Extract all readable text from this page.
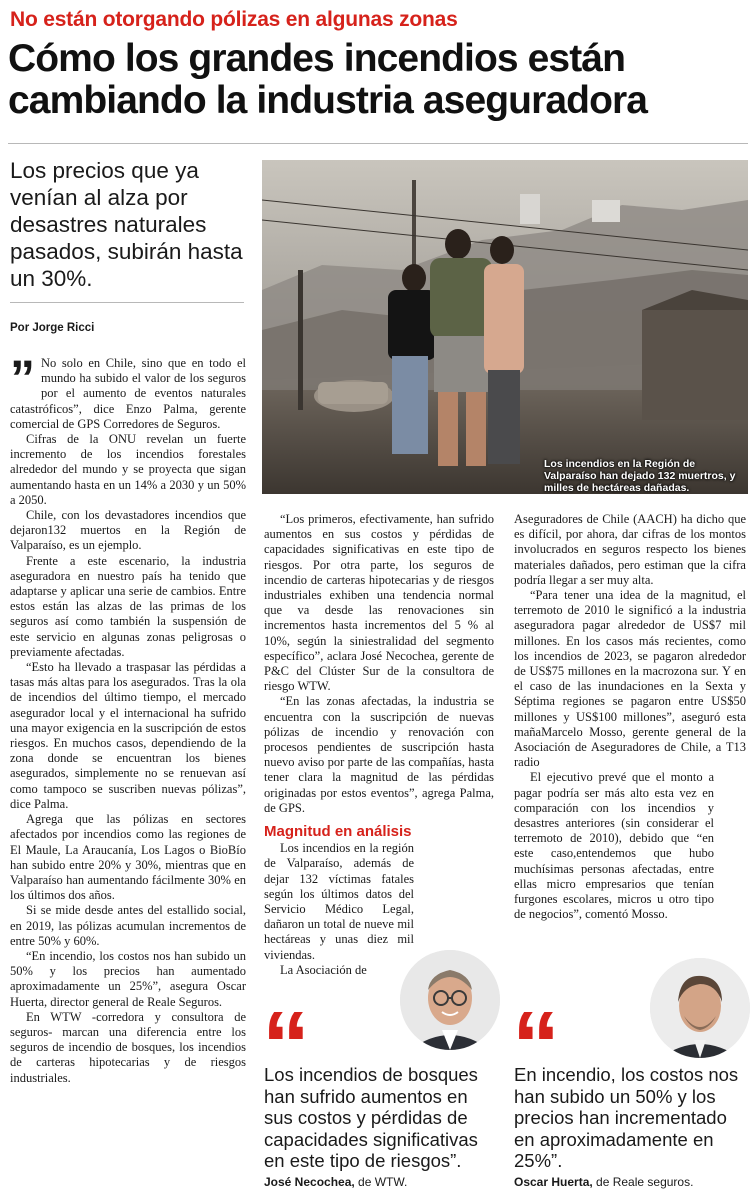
No están otorgando pólizas en algunas zonas
Cómo los grandes incendios están cambiando la industria aseguradora
Los precios que ya venían al alza por desastres naturales pasados, subirán hasta un 30%.
Por Jorge Ricci
Los incendios en la Región de Valparaíso han dejado 132 muertros, y milles de hectáreas dañadas.
” No solo en Chile, sino que en todo el mundo ha subido el valor de los seguros por el aumento de eventos naturales catastróficos”, dice Enzo Palma, gerente comercial de GPS Corredores de Seguros.

Cifras de la ONU revelan un fuerte incremento de los incendios forestales alrededor del mundo y se proyecta que sigan aumentando hasta en un 14% a 2030 y un 50% a 2050.

Chile, con los devastadores incendios que dejaron132 muertos en la Región de Valparaíso, es un ejemplo.

Frente a este escenario, la industria aseguradora en nuestro país ha tenido que adaptarse y aplicar una serie de cambios. Entre estos están las alzas de las primas de los seguros así como también la suspensión de este servicio en algunas zonas peligrosas o previamente afectadas.

“Esto ha llevado a traspasar las pérdidas a tasas más altas para los asegurados. Tras la ola de incendios del último tiempo, el mercado asegurador local y el internacional ha sufrido una mayor exigencia en la suscripción de estos riesgos. En muchos casos, dependiendo de la zona donde se encuentran los bienes asegurados, simplemente no se renuevan así como tampoco se suscriben nuevas pólizas”, dice Palma.

Agrega que las pólizas en sectores afectados por incendios como las regiones de El Maule, La Araucanía, Los Lagos o BioBío han subido entre 20% y 30%, mientras que en Valparaíso han aumentando fácilmente 30% en los últimos dos años.

Si se mide desde antes del estallido social, en 2019, las pólizas acumulan incrementos de entre 50% y 60%.

“En incendio, los costos nos han subido un 50% y los precios han aumentado aproximadamente un 25%”, asegura Oscar Huerta, director general de Reale Seguros.

En WTW -corredora y consultora de seguros- marcan una diferencia entre los seguros de incendio de bosques, los incendios de carteras hipotecarias y de riesgos industriales.

“Los primeros, efectivamente, han sufrido aumentos en sus costos y pérdidas de capacidades significativas en este tipo de riesgos. Por otra parte, los seguros de incendio de carteras hipotecarias y de riesgos industriales exhiben una tendencia normal que va desde las renovaciones sin incrementos hasta incrementos del 5 % al 10%, según la siniestralidad del segmento específico”, aclara José Necochea, gerente de P&C del Clúster Sur de la consultora de riesgo WTW.

“En las zonas afectadas, la industria se encuentra con la suscripción de nuevas pólizas de incendio y renovación con procesos pendientes de suscripción hasta nuevo aviso por parte de las compañías, hasta tener clara la magnitud de las pérdidas originadas por estos eventos”, agrega Palma, de GPS.

Magnitud en análisis

Los incendios en la región de Valparaíso, además de dejar 132 víctimas fatales según los últimos datos del Servicio Médico Legal, dañaron un total de nueve mil hectáreas y unas diez mil viviendas.

La Asociación de

Aseguradores de Chile (AACH) ha dicho que es difícil, por ahora, dar cifras de los montos involucrados en seguros respecto los bienes materiales dañados, pero estiman que la cifra podría llegar a ser muy alta.

“Para tener una idea de la magnitud, el terremoto de 2010 le significó a la industria aseguradora pagar alrededor de US$7 mil millones. En los casos más recientes, como los incendios de 2023, se pagaron alrededor de US$75 millones en la macrozona sur. Y en el caso de las inundaciones en la Sexta y Séptima regiones se pagaron entre US$50 millones y US$100 millones”, aseguró esta mañaMarcelo Mosso, gerente general de la Asociación de Aseguradores de Chile, a T13 radio

El ejecutivo prevé que el monto a pagar podría ser más alto esta vez en comparación con los incendios y desastres anteriores (sin considerar el terremoto de 2010), debido que “en este caso,entendemos que hubo muchísimas personas afectadas, entre ellas micro empresarios que tenían furgones escolares, micros u otro tipo de negocios”, comentó Mosso.

“
Los incendios de bosques han sufrido aumentos en sus costos y pérdidas de capacidades significativas en este tipo de riesgos”.
José Necochea, de WTW.
“
En incendio, los costos nos han subido un 50% y los precios han incrementado en aproximadamente en 25%”.
Oscar Huerta, de Reale seguros.
